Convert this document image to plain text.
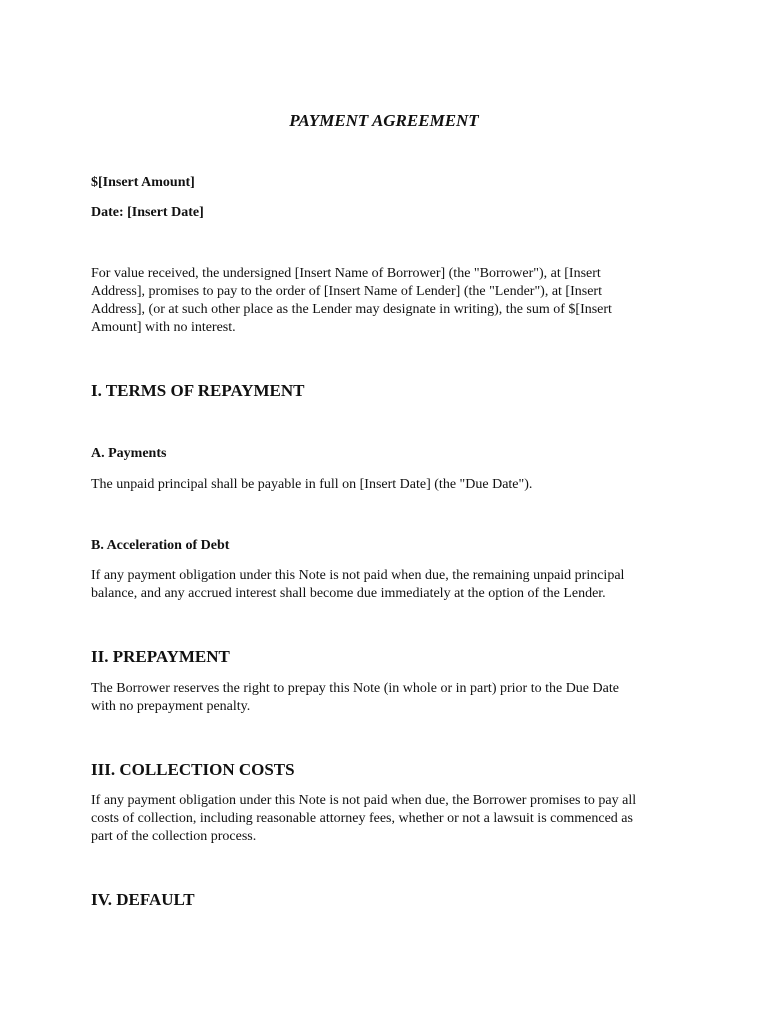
PAYMENT AGREEMENT
$[Insert Amount]
Date: [Insert Date]
For value received, the undersigned [Insert Name of Borrower] (the "Borrower"), at [Insert
Address], promises to pay to the order of [Insert Name of Lender] (the "Lender"), at [Insert
Address], (or at such other place as the Lender may designate in writing), the sum of $[Insert
Amount] with no interest.
I. TERMS OF REPAYMENT
A. Payments
The unpaid principal shall be payable in full on [Insert Date] (the "Due Date").
B. Acceleration of Debt
If any payment obligation under this Note is not paid when due, the remaining unpaid principal
balance, and any accrued interest shall become due immediately at the option of the Lender.
II. PREPAYMENT
The Borrower reserves the right to prepay this Note (in whole or in part) prior to the Due Date
with no prepayment penalty.
III. COLLECTION COSTS
If any payment obligation under this Note is not paid when due, the Borrower promises to pay all
costs of collection, including reasonable attorney fees, whether or not a lawsuit is commenced as
part of the collection process.
IV. DEFAULT
